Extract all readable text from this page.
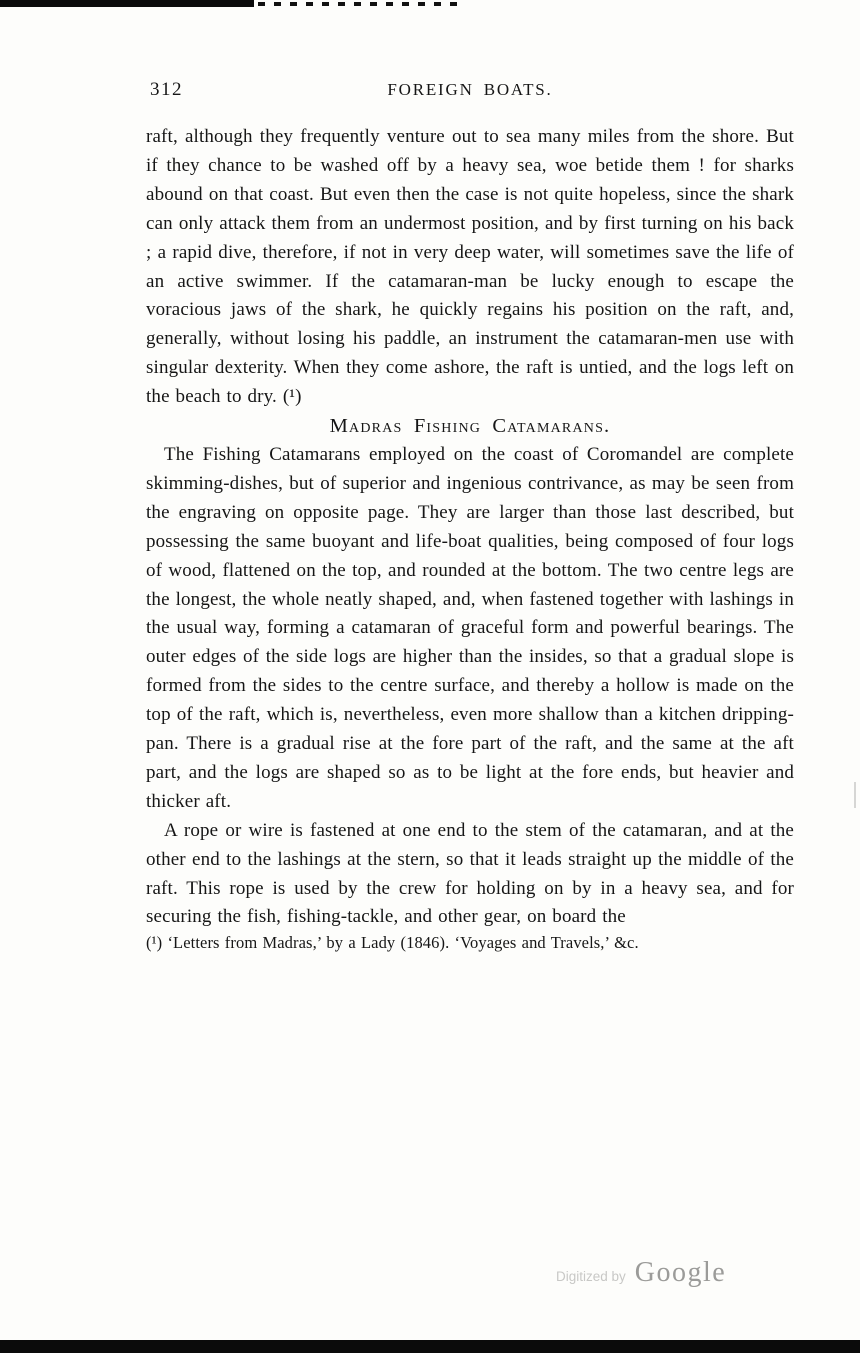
312	FOREIGN BOATS.

raft, although they frequently venture out to sea many miles from the shore. But if they chance to be washed off by a heavy sea, woe betide them ! for sharks abound on that coast. But even then the case is not quite hopeless, since the shark can only attack them from an undermost position, and by first turning on his back ; a rapid dive, therefore, if not in very deep water, will sometimes save the life of an active swimmer. If the catamaran-man be lucky enough to escape the voracious jaws of the shark, he quickly regains his position on the raft, and, generally, without losing his paddle, an instrument the catamaran-men use with singular dexterity. When they come ashore, the raft is untied, and the logs left on the beach to dry. (¹)

Madras Fishing Catamarans.

The Fishing Catamarans employed on the coast of Coromandel are complete skimming-dishes, but of superior and ingenious contrivance, as may be seen from the engraving on opposite page. They are larger than those last described, but possessing the same buoyant and life-boat qualities, being composed of four logs of wood, flattened on the top, and rounded at the bottom. The two centre legs are the longest, the whole neatly shaped, and, when fastened together with lashings in the usual way, forming a catamaran of graceful form and powerful bearings. The outer edges of the side logs are higher than the insides, so that a gradual slope is formed from the sides to the centre surface, and thereby a hollow is made on the top of the raft, which is, nevertheless, even more shallow than a kitchen dripping-pan. There is a gradual rise at the fore part of the raft, and the same at the aft part, and the logs are shaped so as to be light at the fore ends, but heavier and thicker aft.

A rope or wire is fastened at one end to the stem of the catamaran, and at the other end to the lashings at the stern, so that it leads straight up the middle of the raft. This rope is used by the crew for holding on by in a heavy sea, and for securing the fish, fishing-tackle, and other gear, on board the

(¹) ‘Letters from Madras,’ by a Lady (1846). ‘Voyages and Travels,’ &c.

Digitized by Google
